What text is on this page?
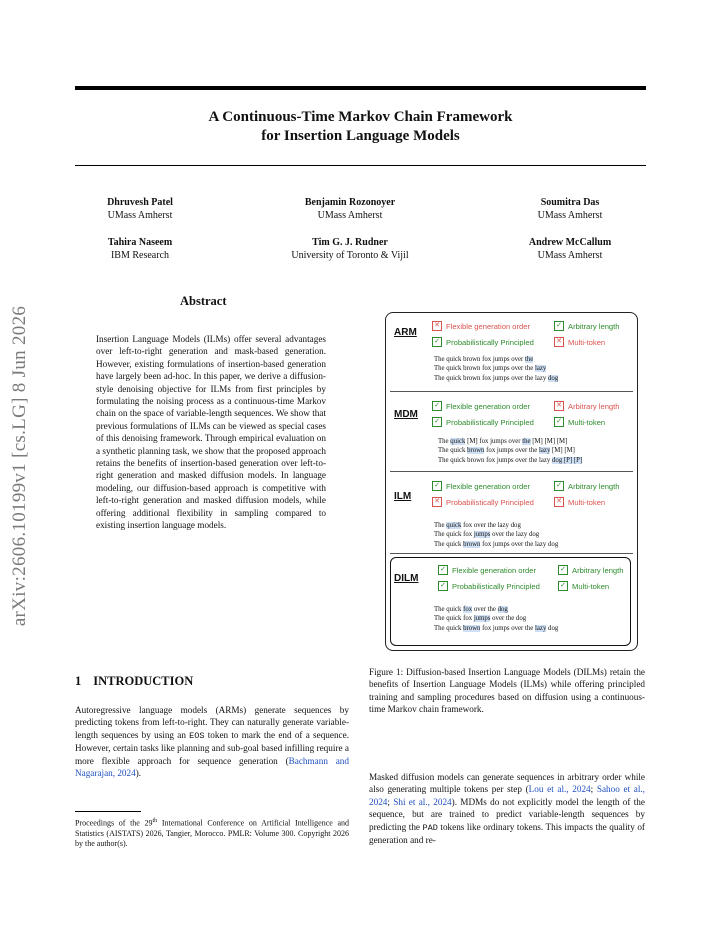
arXiv:2606.10199v1 [cs.LG] 8 Jun 2026
A Continuous-Time Markov Chain Framework
for Insertion Language Models
Dhruvesh Patel
UMass Amherst
Benjamin Rozonoyer
UMass Amherst
Soumitra Das
UMass Amherst
Tahira Naseem
IBM Research
Tim G. J. Rudner
University of Toronto & Vijil
Andrew McCallum
UMass Amherst
Abstract
Insertion Language Models (ILMs) offer several advantages over left-to-right generation and mask-based generation. However, existing formulations of insertion-based generation have largely been ad-hoc. In this paper, we derive a diffusion-style denoising objective for ILMs from first principles by formulating the noising process as a continuous-time Markov chain on the space of variable-length sequences. We show that previous formulations of ILMs can be viewed as special cases of this denoising framework. Through empirical evaluation on a synthetic planning task, we show that the proposed approach retains the benefits of insertion-based generation over left-to-right generation and masked diffusion models. In language modeling, our diffusion-based approach is competitive with left-to-right generation and masked diffusion models, while offering additional flexibility in sampling compared to existing insertion language models.
1 INTRODUCTION
Autoregressive language models (ARMs) generate sequences by predicting tokens from left-to-right. They can naturally generate variable-length sequences by using an EOS token to mark the end of a sequence. However, certain tasks like planning and sub-goal based infilling require a more flexible approach for sequence generation (Bachmann and Nagarajan, 2024).
Proceedings of the 29th International Conference on Artificial Intelligence and Statistics (AISTATS) 2026, Tangier, Morocco. PMLR: Volume 300. Copyright 2026 by the author(s).
ARM
✕ Flexible generation order	✓ Arbitrary length
✓ Probabilistically Principled	✕ Multi-token
The quick brown fox jumps over the
The quick brown fox jumps over the lazy
The quick brown fox jumps over the lazy dog
MDM
✓ Flexible generation order	✕ Arbitrary length
✓ Probabilistically Principled	✓ Multi-token
The quick [M] fox jumps over the [M] [M] [M]
The quick brown fox jumps over the lazy [M] [M]
The quick brown fox jumps over the lazy dog [P] [P]
ILM
✓ Flexible generation order	✓ Arbitrary length
✕ Probabilistically Principled	✕ Multi-token
The quick fox over the lazy dog
The quick fox jumps over the lazy dog
The quick brown fox jumps over the lazy dog
DILM
✓ Flexible generation order	✓ Arbitrary length
✓ Probabilistically Principled	✓ Multi-token
The quick fox over the dog
The quick fox jumps over the dog
The quick brown fox jumps over the lazy dog
Figure 1: Diffusion-based Insertion Language Models (DILMs) retain the benefits of Insertion Language Models (ILMs) while offering principled training and sampling procedures based on diffusion using a continuous-time Markov chain framework.
Masked diffusion models can generate sequences in arbitrary order while also generating multiple tokens per step (Lou et al., 2024; Sahoo et al., 2024; Shi et al., 2024). MDMs do not explicitly model the length of the sequence, but are trained to predict variable-length sequences by predicting the PAD tokens like ordinary tokens. This impacts the quality of generation and re-
